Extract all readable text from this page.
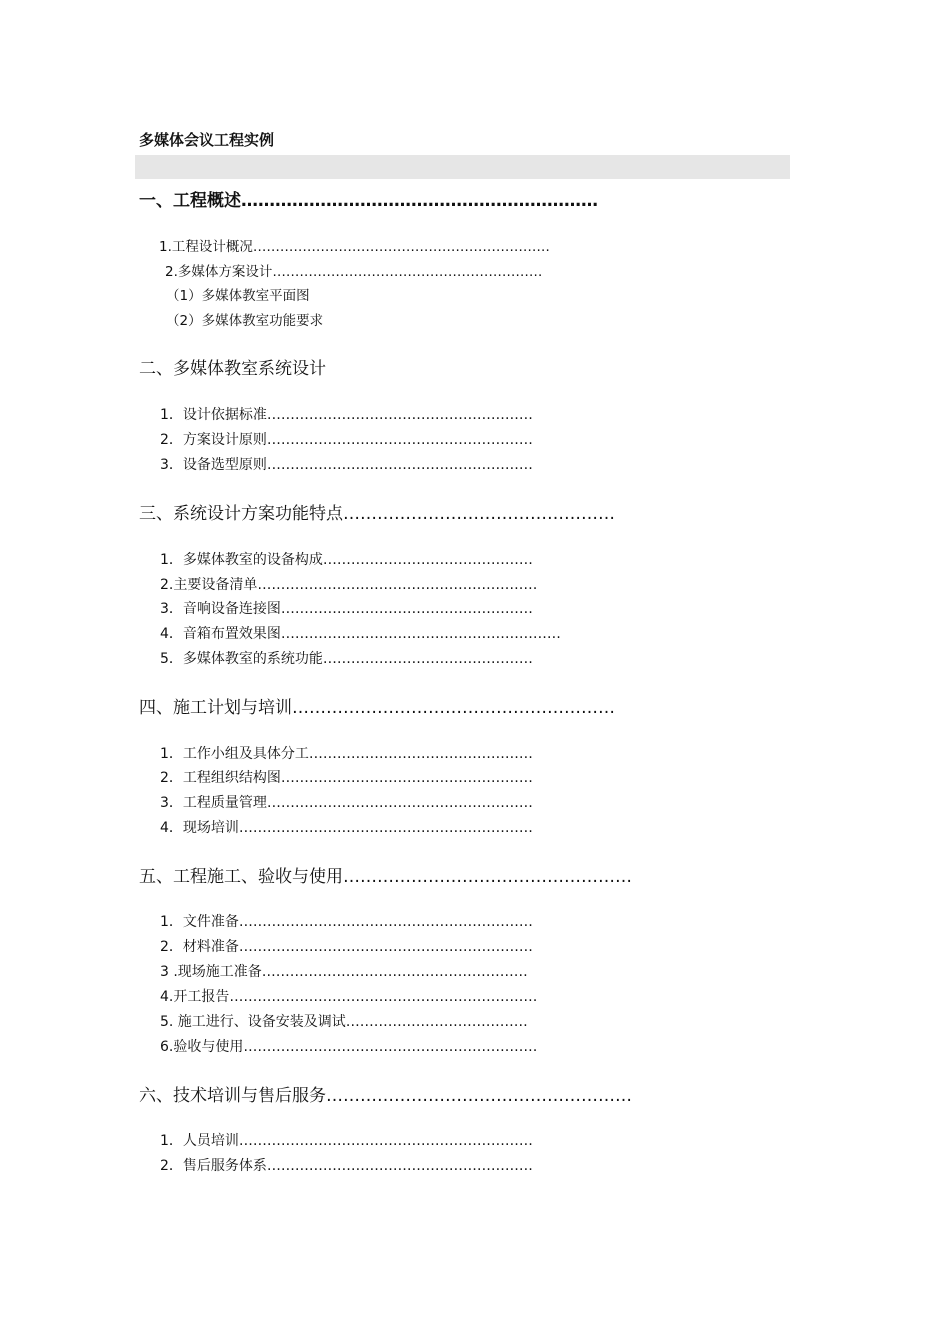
多媒体会议工程实例
一、工程概述………………………………………………………
1.工程设计概况…………………………………………………………
2.多媒体方案设计……………………………………………………
（1）多媒体教室平面图
（2）多媒体教室功能要求
二、多媒体教室系统设计
1．设计依据标准…………………………………………………
2．方案设计原则…………………………………………………
3．设备选型原则…………………………………………………
三、系统设计方案功能特点…………………………………………
1．多媒体教室的设备构成………………………………………
2.主要设备清单……………………………………………………
3．音响设备连接图………………………………………………
4．音箱布置效果图……………………………………………………
5．多媒体教室的系统功能………………………………………
四、施工计划与培训…………………………………………………
1．工作小组及具体分工…………………………………………
2．工程组织结构图………………………………………………
3．工程质量管理…………………………………………………
4．现场培训………………………………………………………
五、工程施工、验收与使用……………………………………………
1．文件准备………………………………………………………
2．材料准备………………………………………………………
3 .现场施工准备…………………………………………………
4.开工报告…………………………………………………………
5. 施工进行、设备安装及调试…………………………………
6.验收与使用………………………………………………………
六、技术培训与售后服务………………………………………………
1．人员培训………………………………………………………
2．售后服务体系…………………………………………………
